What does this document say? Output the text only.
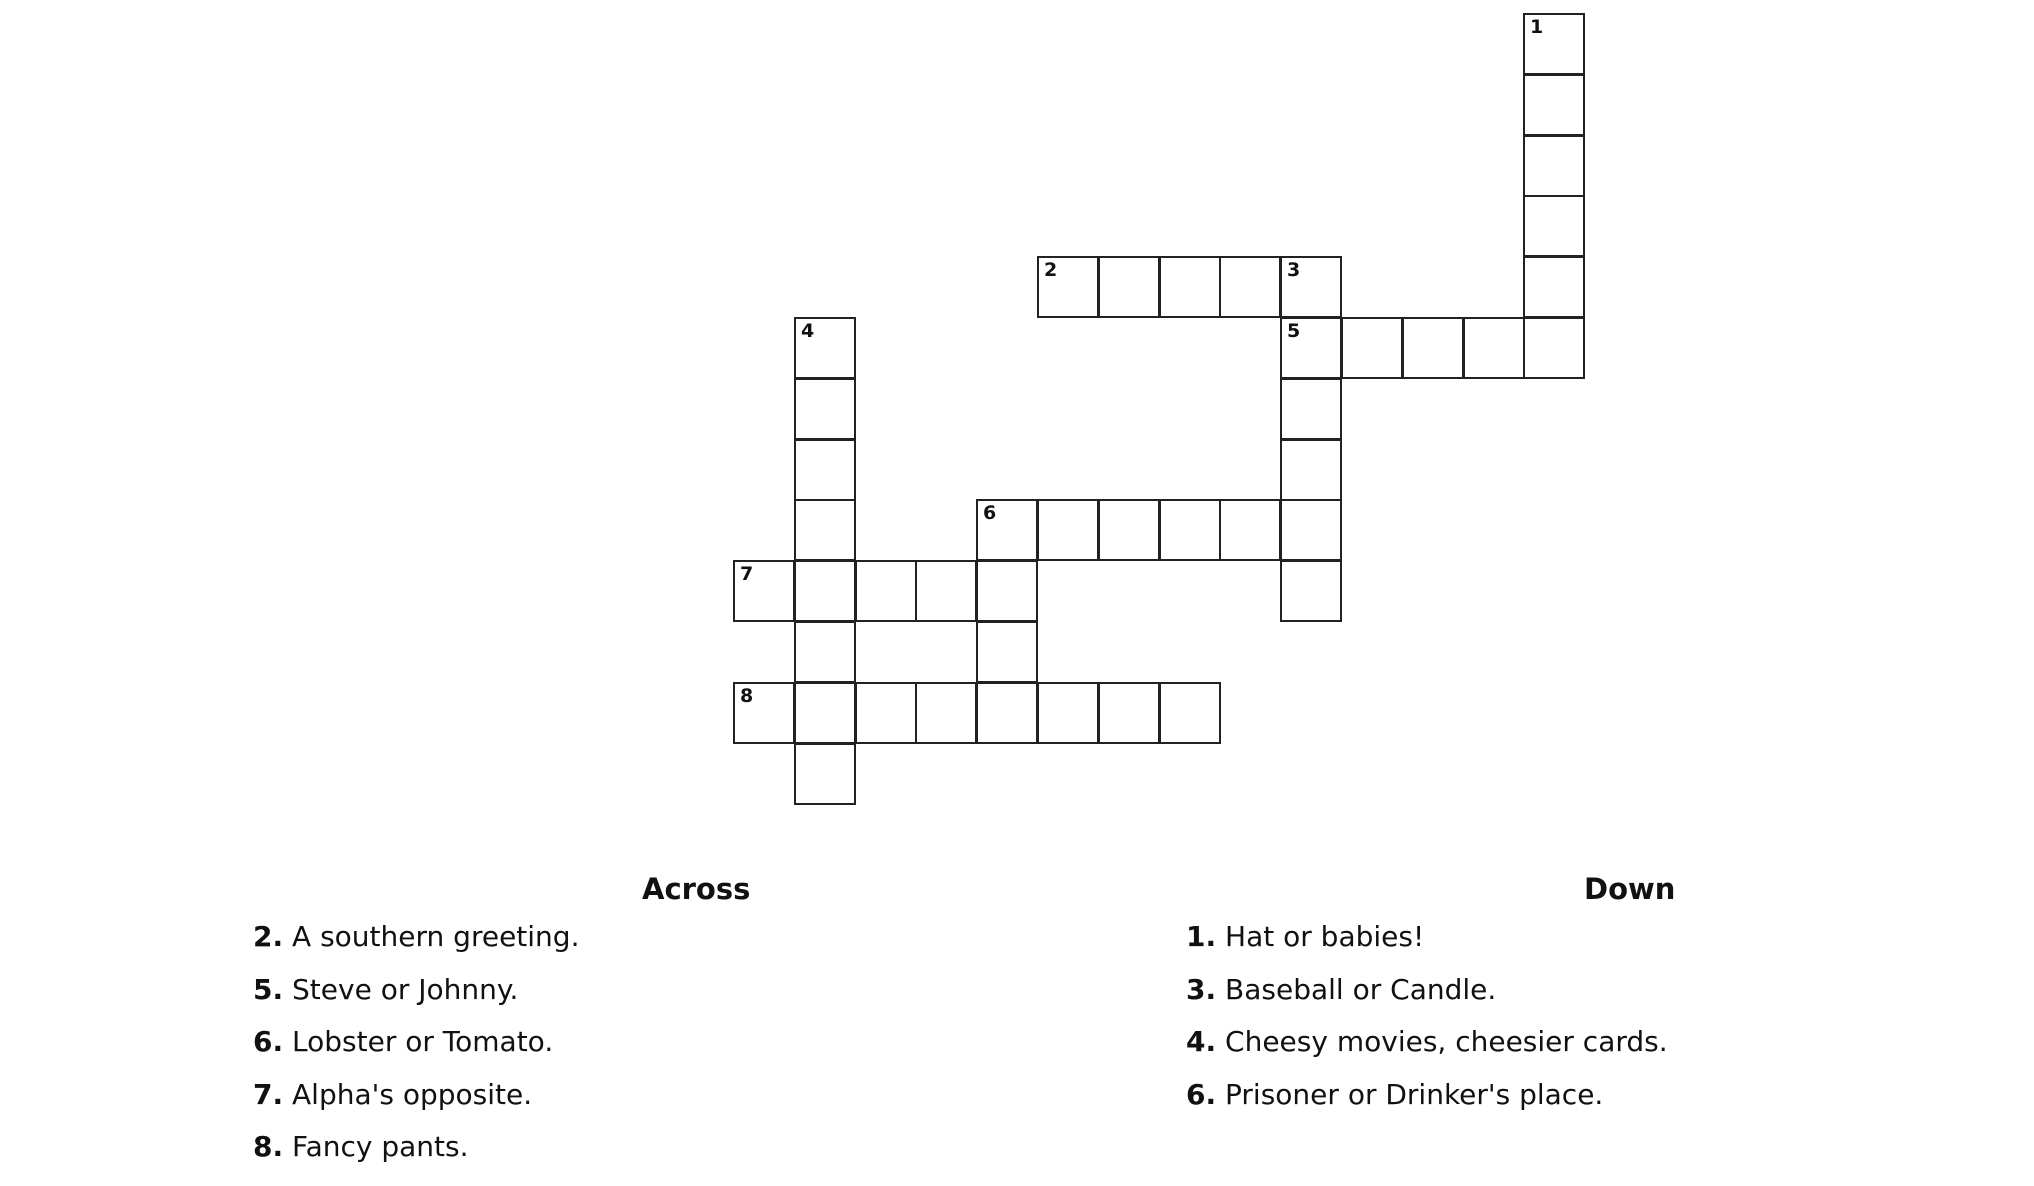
1
2	3
4	5
6
7
8
Across
2. A southern greeting.
5. Steve or Johnny.
6. Lobster or Tomato.
7. Alpha's opposite.
8. Fancy pants.
Down
1. Hat or babies!
3. Baseball or Candle.
4. Cheesy movies, cheesier cards.
6. Prisoner or Drinker's place.
